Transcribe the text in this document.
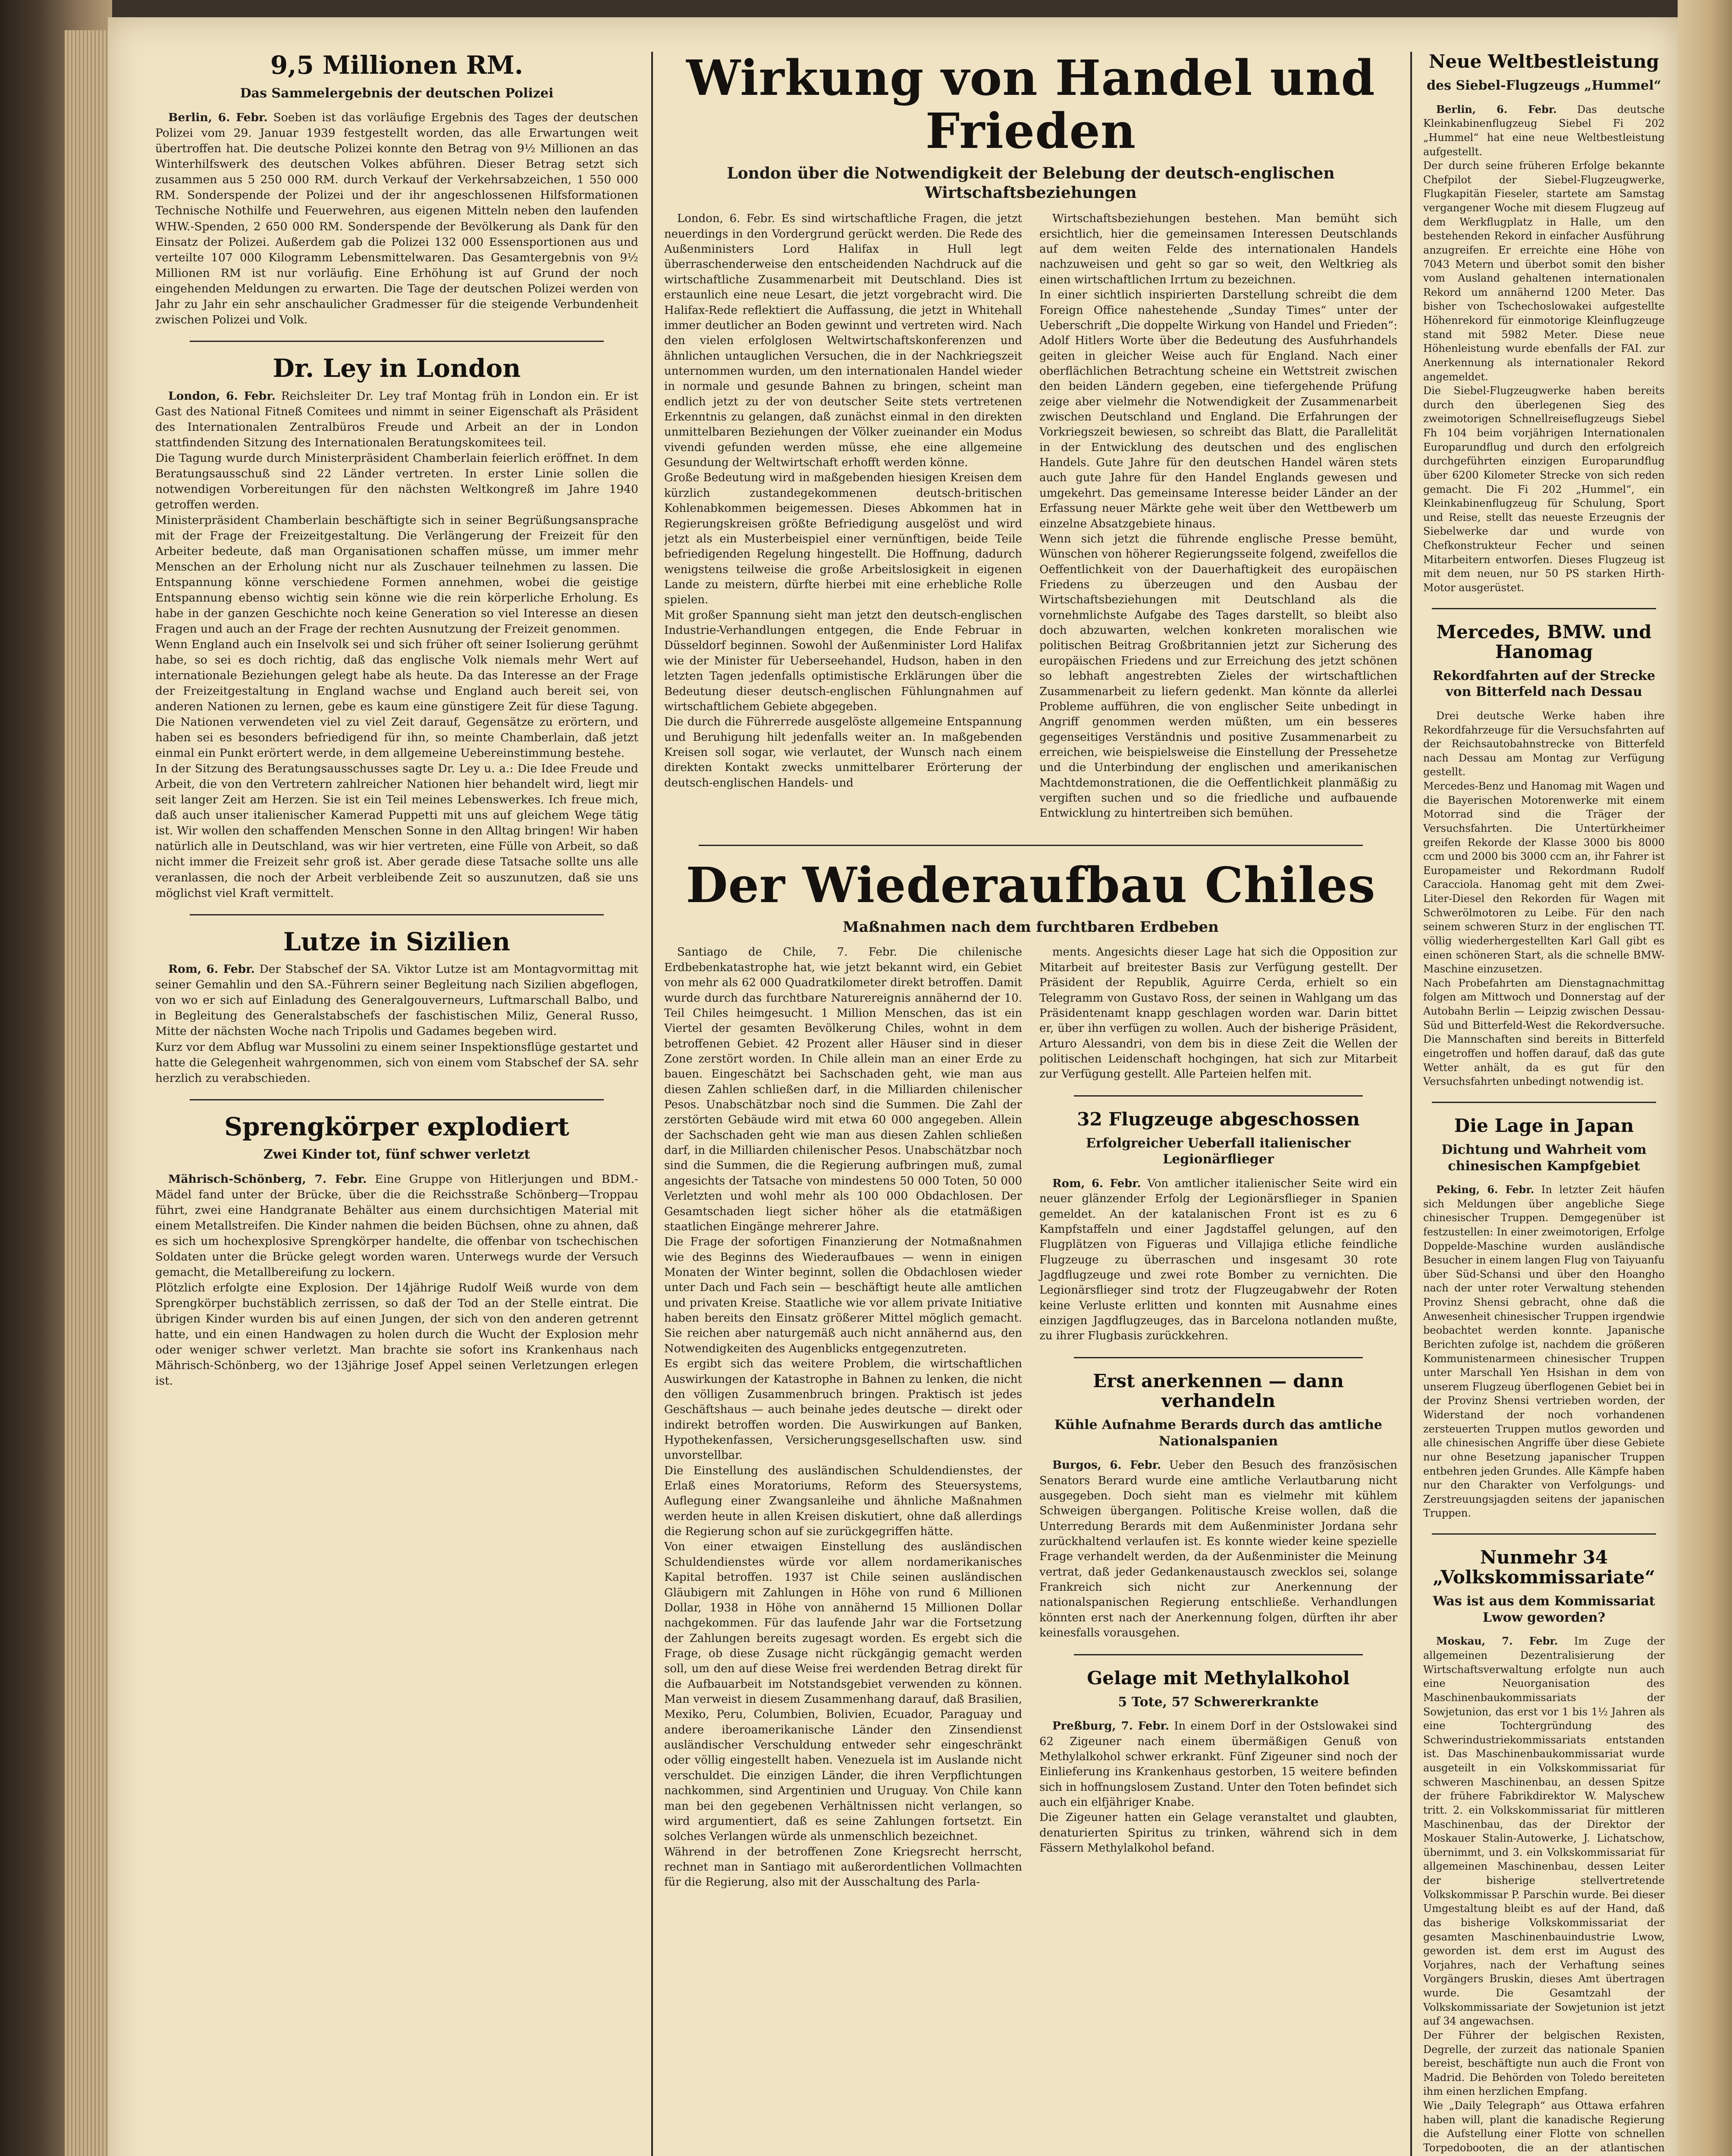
9,5 Millionen RM.
Das Sammelergebnis der deutschen Polizei

Berlin, 6. Febr. Soeben ist das vorläufige Ergebnis des Tages der deutschen Polizei vom 29. Januar 1939 festgestellt worden, das alle Erwartungen weit übertroffen hat. Die deutsche Polizei konnte den Betrag von 9½ Millionen an das Winterhilfswerk des deutschen Volkes abführen. Dieser Betrag setzt sich zusammen aus 5 250 000 RM. durch Verkauf der Verkehrsabzeichen, 1 550 000 RM. Sonderspende der Polizei und der ihr angeschlossenen Hilfsformationen Technische Nothilfe und Feuerwehren, aus eigenen Mitteln neben den laufenden WHW.-Spenden, 2 650 000 RM. Sonderspende der Bevölkerung als Dank für den Einsatz der Polizei. Außerdem gab die Polizei 132 000 Essensportionen aus und verteilte 107 000 Kilogramm Lebensmittelwaren. Das Gesamtergebnis von 9½ Millionen RM ist nur vorläufig. Eine Erhöhung ist auf Grund der noch eingehenden Meldungen zu erwarten. Die Tage der deutschen Polizei werden von Jahr zu Jahr ein sehr anschaulicher Gradmesser für die steigende Verbundenheit zwischen Polizei und Volk.

Dr. Ley in London

London, 6. Febr. Reichsleiter Dr. Ley traf Montag früh in London ein. Er ist Gast des National Fitneß Comitees und nimmt in seiner Eigenschaft als Präsident des Internationalen Zentralbüros Freude und Arbeit an der in London stattfindenden Sitzung des Internationalen Beratungskomitees teil.
Die Tagung wurde durch Ministerpräsident Chamberlain feierlich eröffnet. In dem Beratungsausschuß sind 22 Länder vertreten. In erster Linie sollen die notwendigen Vorbereitungen für den nächsten Weltkongreß im Jahre 1940 getroffen werden.
Ministerpräsident Chamberlain beschäftigte sich in seiner Begrüßungsansprache mit der Frage der Freizeitgestaltung. Die Verlängerung der Freizeit für den Arbeiter bedeute, daß man Organisationen schaffen müsse, um immer mehr Menschen an der Erholung nicht nur als Zuschauer teilnehmen zu lassen. Die Entspannung könne verschiedene Formen annehmen, wobei die geistige Entspannung ebenso wichtig sein könne wie die rein körperliche Erholung. Es habe in der ganzen Geschichte noch keine Generation so viel Interesse an diesen Fragen und auch an der Frage der rechten Ausnutzung der Freizeit genommen.
Wenn England auch ein Inselvolk sei und sich früher oft seiner Isolierung gerühmt habe, so sei es doch richtig, daß das englische Volk niemals mehr Wert auf internationale Beziehungen gelegt habe als heute. Da das Interesse an der Frage der Freizeitgestaltung in England wachse und England auch bereit sei, von anderen Nationen zu lernen, gebe es kaum eine günstigere Zeit für diese Tagung. Die Nationen verwendeten viel zu viel Zeit darauf, Gegensätze zu erörtern, und haben sei es besonders befriedigend für ihn, so meinte Chamberlain, daß jetzt einmal ein Punkt erörtert werde, in dem allgemeine Uebereinstimmung bestehe.
In der Sitzung des Beratungsausschusses sagte Dr. Ley u. a.: Die Idee Freude und Arbeit, die von den Vertretern zahlreicher Nationen hier behandelt wird, liegt mir seit langer Zeit am Herzen. Sie ist ein Teil meines Lebenswerkes. Ich freue mich, daß auch unser italienischer Kamerad Puppetti mit uns auf gleichem Wege tätig ist. Wir wollen den schaffenden Menschen Sonne in den Alltag bringen! Wir haben natürlich alle in Deutschland, was wir hier vertreten, eine Fülle von Arbeit, so daß nicht immer die Freizeit sehr groß ist. Aber gerade diese Tatsache sollte uns alle veranlassen, die noch der Arbeit verbleibende Zeit so auszunutzen, daß sie uns möglichst viel Kraft vermittelt.

Lutze in Sizilien

Rom, 6. Febr. Der Stabschef der SA. Viktor Lutze ist am Montagvormittag mit seiner Gemahlin und den SA.-Führern seiner Begleitung nach Sizilien abgeflogen, von wo er sich auf Einladung des Generalgouverneurs, Luftmarschall Balbo, und in Begleitung des Generalstabschefs der faschistischen Miliz, General Russo, Mitte der nächsten Woche nach Tripolis und Gadames begeben wird.
Kurz vor dem Abflug war Mussolini zu einem seiner Inspektionsflüge gestartet und hatte die Gelegenheit wahrgenommen, sich von einem vom Stabschef der SA. sehr herzlich zu verabschieden.

Sprengkörper explodiert
Zwei Kinder tot, fünf schwer verletzt

Mährisch-Schönberg, 7. Febr. Eine Gruppe von Hitlerjungen und BDM.-Mädel fand unter der Brücke, über die die Reichsstraße Schönberg—Troppau führt, zwei eine Handgranate Behälter aus einem durchsichtigen Material mit einem Metallstreifen. Die Kinder nahmen die beiden Büchsen, ohne zu ahnen, daß es sich um hochexplosive Sprengkörper handelte, die offenbar von tschechischen Soldaten unter die Brücke gelegt worden waren. Unterwegs wurde der Versuch gemacht, die Metallbereifung zu lockern.
Plötzlich erfolgte eine Explosion. Der 14jährige Rudolf Weiß wurde von dem Sprengkörper buchstäblich zerrissen, so daß der Tod an der Stelle eintrat. Die übrigen Kinder wurden bis auf einen Jungen, der sich von den anderen getrennt hatte, und ein einen Handwagen zu holen durch die Wucht der Explosion mehr oder weniger schwer verletzt. Man brachte sie sofort ins Krankenhaus nach Mährisch-Schönberg, wo der 13jährige Josef Appel seinen Verletzungen erlegen ist.

Wirkung von Handel und Frieden
London über die Notwendigkeit der Belebung der deutsch-englischen Wirtschaftsbeziehungen

London, 6. Febr. Es sind wirtschaftliche Fragen, die jetzt neuerdings in den Vordergrund gerückt werden. Die Rede des Außenministers Lord Halifax in Hull legt überraschenderweise den entscheidenden Nachdruck auf die wirtschaftliche Zusammenarbeit mit Deutschland. Dies ist erstaunlich eine neue Lesart, die jetzt vorgebracht wird. Die Halifax-Rede reflektiert die Auffassung, die jetzt in Whitehall immer deutlicher an Boden gewinnt und vertreten wird. Nach den vielen erfolglosen Weltwirtschaftskonferenzen und ähnlichen untauglichen Versuchen, die in der Nachkriegszeit unternommen wurden, um den internationalen Handel wieder in normale und gesunde Bahnen zu bringen, scheint man endlich jetzt zu der von deutscher Seite stets vertretenen Erkenntnis zu gelangen, daß zunächst einmal in den direkten unmittelbaren Beziehungen der Völker zueinander ein Modus vivendi gefunden werden müsse, ehe eine allgemeine Gesundung der Weltwirtschaft erhofft werden könne.
Große Bedeutung wird in maßgebenden hiesigen Kreisen dem kürzlich zustandegekommenen deutsch-britischen Kohlenabkommen beigemessen. Dieses Abkommen hat in Regierungskreisen größte Befriedigung ausgelöst und wird jetzt als ein Musterbeispiel einer vernünftigen, beide Teile befriedigenden Regelung hingestellt. Die Hoffnung, dadurch wenigstens teilweise die große Arbeitslosigkeit in eigenen Lande zu meistern, dürfte hierbei mit eine erhebliche Rolle spielen.
Mit großer Spannung sieht man jetzt den deutsch-englischen Industrie-Verhandlungen entgegen, die Ende Februar in Düsseldorf beginnen. Sowohl der Außenminister Lord Halifax wie der Minister für Ueberseehandel, Hudson, haben in den letzten Tagen jedenfalls optimistische Erklärungen über die Bedeutung dieser deutsch-englischen Fühlungnahmen auf wirtschaftlichem Gebiete abgegeben.
Die durch die Führerrede ausgelöste allgemeine Entspannung und Beruhigung hilt jedenfalls weiter an. In maßgebenden Kreisen soll sogar, wie verlautet, der Wunsch nach einem direkten Kontakt zwecks unmittelbarer Erörterung der deutsch-englischen Handels- und

Wirtschaftsbeziehungen bestehen. Man bemüht sich ersichtlich, hier die gemeinsamen Interessen Deutschlands auf dem weiten Felde des internationalen Handels nachzuweisen und geht so gar so weit, den Weltkrieg als einen wirtschaftlichen Irrtum zu bezeichnen.
In einer sichtlich inspirierten Darstellung schreibt die dem Foreign Office nahestehende „Sunday Times“ unter der Ueberschrift „Die doppelte Wirkung von Handel und Frieden“: Adolf Hitlers Worte über die Bedeutung des Ausfuhrhandels geiten in gleicher Weise auch für England. Nach einer oberflächlichen Betrachtung scheine ein Wettstreit zwischen den beiden Ländern gegeben, eine tiefergehende Prüfung zeige aber vielmehr die Notwendigkeit der Zusammenarbeit zwischen Deutschland und England. Die Erfahrungen der Vorkriegszeit bewiesen, so schreibt das Blatt, die Parallelität in der Entwicklung des deutschen und des englischen Handels. Gute Jahre für den deutschen Handel wären stets auch gute Jahre für den Handel Englands gewesen und umgekehrt. Das gemeinsame Interesse beider Länder an der Erfassung neuer Märkte gehe weit über den Wettbewerb um einzelne Absatzgebiete hinaus.
Wenn sich jetzt die führende englische Presse bemüht, Wünschen von höherer Regierungsseite folgend, zweifellos die Oeffentlichkeit von der Dauerhaftigkeit des europäischen Friedens zu überzeugen und den Ausbau der Wirtschaftsbeziehungen mit Deutschland als die vornehmlichste Aufgabe des Tages darstellt, so bleibt also doch abzuwarten, welchen konkreten moralischen wie politischen Beitrag Großbritannien jetzt zur Sicherung des europäischen Friedens und zur Erreichung des jetzt schönen so lebhaft angestrebten Zieles der wirtschaftlichen Zusammenarbeit zu liefern gedenkt. Man könnte da allerlei Probleme aufführen, die von englischer Seite unbedingt in Angriff genommen werden müßten, um ein besseres gegenseitiges Verständnis und positive Zusammenarbeit zu erreichen, wie beispielsweise die Einstellung der Pressehetze und die Unterbindung der englischen und amerikanischen Machtdemonstrationen, die die Oeffentlichkeit planmäßig zu vergiften suchen und so die friedliche und aufbauende Entwicklung zu hintertreiben sich bemühen.

Der Wiederaufbau Chiles
Maßnahmen nach dem furchtbaren Erdbeben

Santiago de Chile, 7. Febr. Die chilenische Erdbebenkatastrophe hat, wie jetzt bekannt wird, ein Gebiet von mehr als 62 000 Quadratkilometer direkt betroffen. Damit wurde durch das furchtbare Naturereignis annähernd der 10. Teil Chiles heimgesucht. 1 Million Menschen, das ist ein Viertel der gesamten Bevölkerung Chiles, wohnt in dem betroffenen Gebiet. 42 Prozent aller Häuser sind in dieser Zone zerstört worden. In Chile allein man an einer Erde zu bauen. Eingeschätzt bei Sachschaden geht, wie man aus diesen Zahlen schließen darf, in die Milliarden chilenischer Pesos. Unabschätzbar noch sind die Summen. Die Zahl der zerstörten Gebäude wird mit etwa 60 000 angegeben. Allein der Sachschaden geht wie man aus diesen Zahlen schließen darf, in die Milliarden chilenischer Pesos. Unabschätzbar noch sind die Summen, die die Regierung aufbringen muß, zumal angesichts der Tatsache von mindestens 50 000 Toten, 50 000 Verletzten und wohl mehr als 100 000 Obdachlosen. Der Gesamtschaden liegt sicher höher als die etatmäßigen staatlichen Eingänge mehrerer Jahre.
Die Frage der sofortigen Finanzierung der Notmaßnahmen wie des Beginns des Wiederaufbaues — wenn in einigen Monaten der Winter beginnt, sollen die Obdachlosen wieder unter Dach und Fach sein — beschäftigt heute alle amtlichen und privaten Kreise. Staatliche wie vor allem private Initiative haben bereits den Einsatz größerer Mittel möglich gemacht. Sie reichen aber naturgemäß auch nicht annähernd aus, den Notwendigkeiten des Augenblicks entgegenzutreten.
Es ergibt sich das weitere Problem, die wirtschaftlichen Auswirkungen der Katastrophe in Bahnen zu lenken, die nicht den völligen Zusammenbruch bringen. Praktisch ist jedes Geschäftshaus — auch beinahe jedes deutsche — direkt oder indirekt betroffen worden. Die Auswirkungen auf Banken, Hypothekenfassen, Versicherungsgesellschaften usw. sind unvorstellbar.
Die Einstellung des ausländischen Schuldendienstes, der Erlaß eines Moratoriums, Reform des Steuersystems, Auflegung einer Zwangsanleihe und ähnliche Maßnahmen werden heute in allen Kreisen diskutiert, ohne daß allerdings die Regierung schon auf sie zurückgegriffen hätte.
Von einer etwaigen Einstellung des ausländischen Schuldendienstes würde vor allem nordamerikanisches Kapital betroffen. 1937 ist Chile seinen ausländischen Gläubigern mit Zahlungen in Höhe von rund 6 Millionen Dollar, 1938 in Höhe von annähernd 15 Millionen Dollar nachgekommen. Für das laufende Jahr war die Fortsetzung der Zahlungen bereits zugesagt worden. Es ergebt sich die Frage, ob diese Zusage nicht rückgängig gemacht werden soll, um den auf diese Weise frei werdenden Betrag direkt für die Aufbauarbeit im Notstandsgebiet verwenden zu können. Man verweist in diesem Zusammenhang darauf, daß Brasilien, Mexiko, Peru, Columbien, Bolivien, Ecuador, Paraguay und andere iberoamerikanische Länder den Zinsendienst ausländischer Verschuldung entweder sehr eingeschränkt oder völlig eingestellt haben. Venezuela ist im Auslande nicht verschuldet. Die einzigen Länder, die ihren Verpflichtungen nachkommen, sind Argentinien und Uruguay. Von Chile kann man bei den gegebenen Verhältnissen nicht verlangen, so wird argumentiert, daß es seine Zahlungen fortsetzt. Ein solches Verlangen würde als unmenschlich bezeichnet.
Während in der betroffenen Zone Kriegsrecht herrscht, rechnet man in Santiago mit außerordentlichen Vollmachten für die Regierung, also mit der Ausschaltung des Parla-

ments. Angesichts dieser Lage hat sich die Opposition zur Mitarbeit auf breitester Basis zur Verfügung gestellt. Der Präsident der Republik, Aguirre Cerda, erhielt so ein Telegramm von Gustavo Ross, der seinen in Wahlgang um das Präsidentenamt knapp geschlagen worden war. Darin bittet er, über ihn verfügen zu wollen. Auch der bisherige Präsident, Arturo Alessandri, von dem bis in diese Zeit die Wellen der politischen Leidenschaft hochgingen, hat sich zur Mitarbeit zur Verfügung gestellt. Alle Parteien helfen mit.

32 Flugzeuge abgeschossen
Erfolgreicher Ueberfall italienischer Legionärflieger

Rom, 6. Febr. Von amtlicher italienischer Seite wird ein neuer glänzender Erfolg der Legionärsflieger in Spanien gemeldet. An der katalanischen Front ist es zu 6 Kampfstaffeln und einer Jagdstaffel gelungen, auf den Flugplätzen von Figueras und Villajiga etliche feindliche Flugzeuge zu überraschen und insgesamt 30 rote Jagdflugzeuge und zwei rote Bomber zu vernichten. Die Legionärsflieger sind trotz der Flugzeugabwehr der Roten keine Verluste erlitten und konnten mit Ausnahme eines einzigen Jagdflugzeuges, das in Barcelona notlanden mußte, zu ihrer Flugbasis zurückkehren.

Erst anerkennen — dann verhandeln
Kühle Aufnahme Berards durch das amtliche Nationalspanien

Burgos, 6. Febr. Ueber den Besuch des französischen Senators Berard wurde eine amtliche Verlautbarung nicht ausgegeben. Doch sieht man es vielmehr mit kühlem Schweigen übergangen. Politische Kreise wollen, daß die Unterredung Berards mit dem Außenminister Jordana sehr zurückhaltend verlaufen ist. Es konnte wieder keine spezielle Frage verhandelt werden, da der Außenminister die Meinung vertrat, daß jeder Gedankenaustausch zwecklos sei, solange Frankreich sich nicht zur Anerkennung der nationalspanischen Regierung entschließe. Verhandlungen könnten erst nach der Anerkennung folgen, dürften ihr aber keinesfalls vorausgehen.

Gelage mit Methylalkohol
5 Tote, 57 Schwererkrankte

Preßburg, 7. Febr. In einem Dorf in der Ostslowakei sind 62 Zigeuner nach einem übermäßigen Genuß von Methylalkohol schwer erkrankt. Fünf Zigeuner sind noch der Einlieferung ins Krankenhaus gestorben, 15 weitere befinden sich in hoffnungslosem Zustand. Unter den Toten befindet sich auch ein elfjähriger Knabe.
Die Zigeuner hatten ein Gelage veranstaltet und glaubten, denaturierten Spiritus zu trinken, während sich in dem Fässern Methylalkohol befand.

Neue Weltbestleistung
des Siebel-Flugzeugs „Hummel“

Berlin, 6. Febr. Das deutsche Kleinkabinenflugzeug Siebel Fi 202 „Hummel“ hat eine neue Weltbestleistung aufgestellt.
Der durch seine früheren Erfolge bekannte Chefpilot der Siebel-Flugzeugwerke, Flugkapitän Fieseler, startete am Samstag vergangener Woche mit diesem Flugzeug auf dem Werkflugplatz in Halle, um den bestehenden Rekord in einfacher Ausführung anzugreifen. Er erreichte eine Höhe von 7043 Metern und überbot somit den bisher vom Ausland gehaltenen internationalen Rekord um annähernd 1200 Meter. Das bisher von Tschechoslowakei aufgestellte Höhenrekord für einmotorige Kleinflugzeuge stand mit 5982 Meter. Diese neue Höhenleistung wurde ebenfalls der FAI. zur Anerkennung als internationaler Rekord angemeldet.
Die Siebel-Flugzeugwerke haben bereits durch den überlegenen Sieg des zweimotorigen Schnellreiseflugzeugs Siebel Fh 104 beim vorjährigen Internationalen Europarundflug und durch den erfolgreich durchgeführten einzigen Europarundflug über 6200 Kilometer Strecke von sich reden gemacht. Die Fi 202 „Hummel“, ein Kleinkabinenflugzeug für Schulung, Sport und Reise, stellt das neueste Erzeugnis der Siebelwerke dar und wurde von Chefkonstrukteur Fecher und seinen Mitarbeitern entworfen. Dieses Flugzeug ist mit dem neuen, nur 50 PS starken Hirth-Motor ausgerüstet.

Mercedes, BMW. und Hanomag
Rekordfahrten auf der Strecke von Bitterfeld nach Dessau

Drei deutsche Werke haben ihre Rekordfahrzeuge für die Versuchsfahrten auf der Reichsautobahnstrecke von Bitterfeld nach Dessau am Montag zur Verfügung gestellt.
Mercedes-Benz und Hanomag mit Wagen und die Bayerischen Motorenwerke mit einem Motorrad sind die Träger der Versuchsfahrten. Die Untertürkheimer greifen Rekorde der Klasse 3000 bis 8000 ccm und 2000 bis 3000 ccm an, ihr Fahrer ist Europameister und Rekordmann Rudolf Caracciola. Hanomag geht mit dem Zwei-Liter-Diesel den Rekorden für Wagen mit Schwerölmotoren zu Leibe. Für den nach seinem schweren Sturz in der englischen TT. völlig wiederhergestellten Karl Gall gibt es einen schöneren Start, als die schnelle BMW-Maschine einzusetzen.
Nach Probefahrten am Dienstagnachmittag folgen am Mittwoch und Donnerstag auf der Autobahn Berlin — Leipzig zwischen Dessau-Süd und Bitterfeld-West die Rekordversuche. Die Mannschaften sind bereits in Bitterfeld eingetroffen und hoffen darauf, daß das gute Wetter anhält, da es gut für den Versuchsfahrten unbedingt notwendig ist.

Die Lage in Japan
Dichtung und Wahrheit vom chinesischen Kampfgebiet

Peking, 6. Febr. In letzter Zeit häufen sich Meldungen über angebliche Siege chinesischer Truppen. Demgegenüber ist festzustellen: In einer zweimotorigen, Erfolge Doppelde-Maschine wurden ausländische Besucher in einem langen Flug von Taiyuanfu über Süd-Schansi und über den Hoangho nach der unter roter Verwaltung stehenden Provinz Shensi gebracht, ohne daß die Anwesenheit chinesischer Truppen irgendwie beobachtet werden konnte. Japanische Berichten zufolge ist, nachdem die größeren Kommunistenarmeen chinesischer Truppen unter Marschall Yen Hsishan in dem von unserem Flugzeug überflogenen Gebiet bei in der Provinz Shensi vertrieben worden, der Widerstand der noch vorhandenen zersteuerten Truppen mutlos geworden und alle chinesischen Angriffe über diese Gebiete nur ohne Besetzung japanischer Truppen entbehren jeden Grundes. Alle Kämpfe haben nur den Charakter von Verfolgungs- und Zerstreuungsjagden seitens der japanischen Truppen.

Nunmehr 34 „Volkskommissariate“
Was ist aus dem Kommissariat Lwow geworden?

Moskau, 7. Febr. Im Zuge der allgemeinen Dezentralisierung der Wirtschaftsverwaltung erfolgte nun auch eine Neuorganisation des Maschinenbaukommissariats der Sowjetunion, das erst vor 1 bis 1½ Jahren als eine Tochtergründung des Schwerindustriekommissariats entstanden ist. Das Maschinenbaukommissariat wurde ausgeteilt in ein Volkskommissariat für schweren Maschinenbau, an dessen Spitze der frühere Fabrikdirektor W. Malyschew tritt. 2. ein Volkskommissariat für mittleren Maschinenbau, das der Direktor der Moskauer Stalin-Autowerke, J. Lichatschow, übernimmt, und 3. ein Volkskommissariat für allgemeinen Maschinenbau, dessen Leiter der bisherige stellvertretende Volkskommissar P. Parschin wurde. Bei dieser Umgestaltung bleibt es auf der Hand, daß das bisherige Volkskommissariat der gesamten Maschinenbauindustrie Lwow, geworden ist. dem erst im August des Vorjahres, nach der Verhaftung seines Vorgängers Bruskin, dieses Amt übertragen wurde. Die Gesamtzahl der Volkskommissariate der Sowjetunion ist jetzt auf 34 angewachsen.
Der Führer der belgischen Rexisten, Degrelle, der zurzeit das nationale Spanien bereist, beschäftigte nun auch die Front von Madrid. Die Behörden von Toledo bereiteten ihm einen herzlichen Empfang.
Wie „Daily Telegraph“ aus Ottawa erfahren haben will, plant die kanadische Regierung die Aufstellung einer Flotte von schnellen Torpedobooten, die an der atlantischen
